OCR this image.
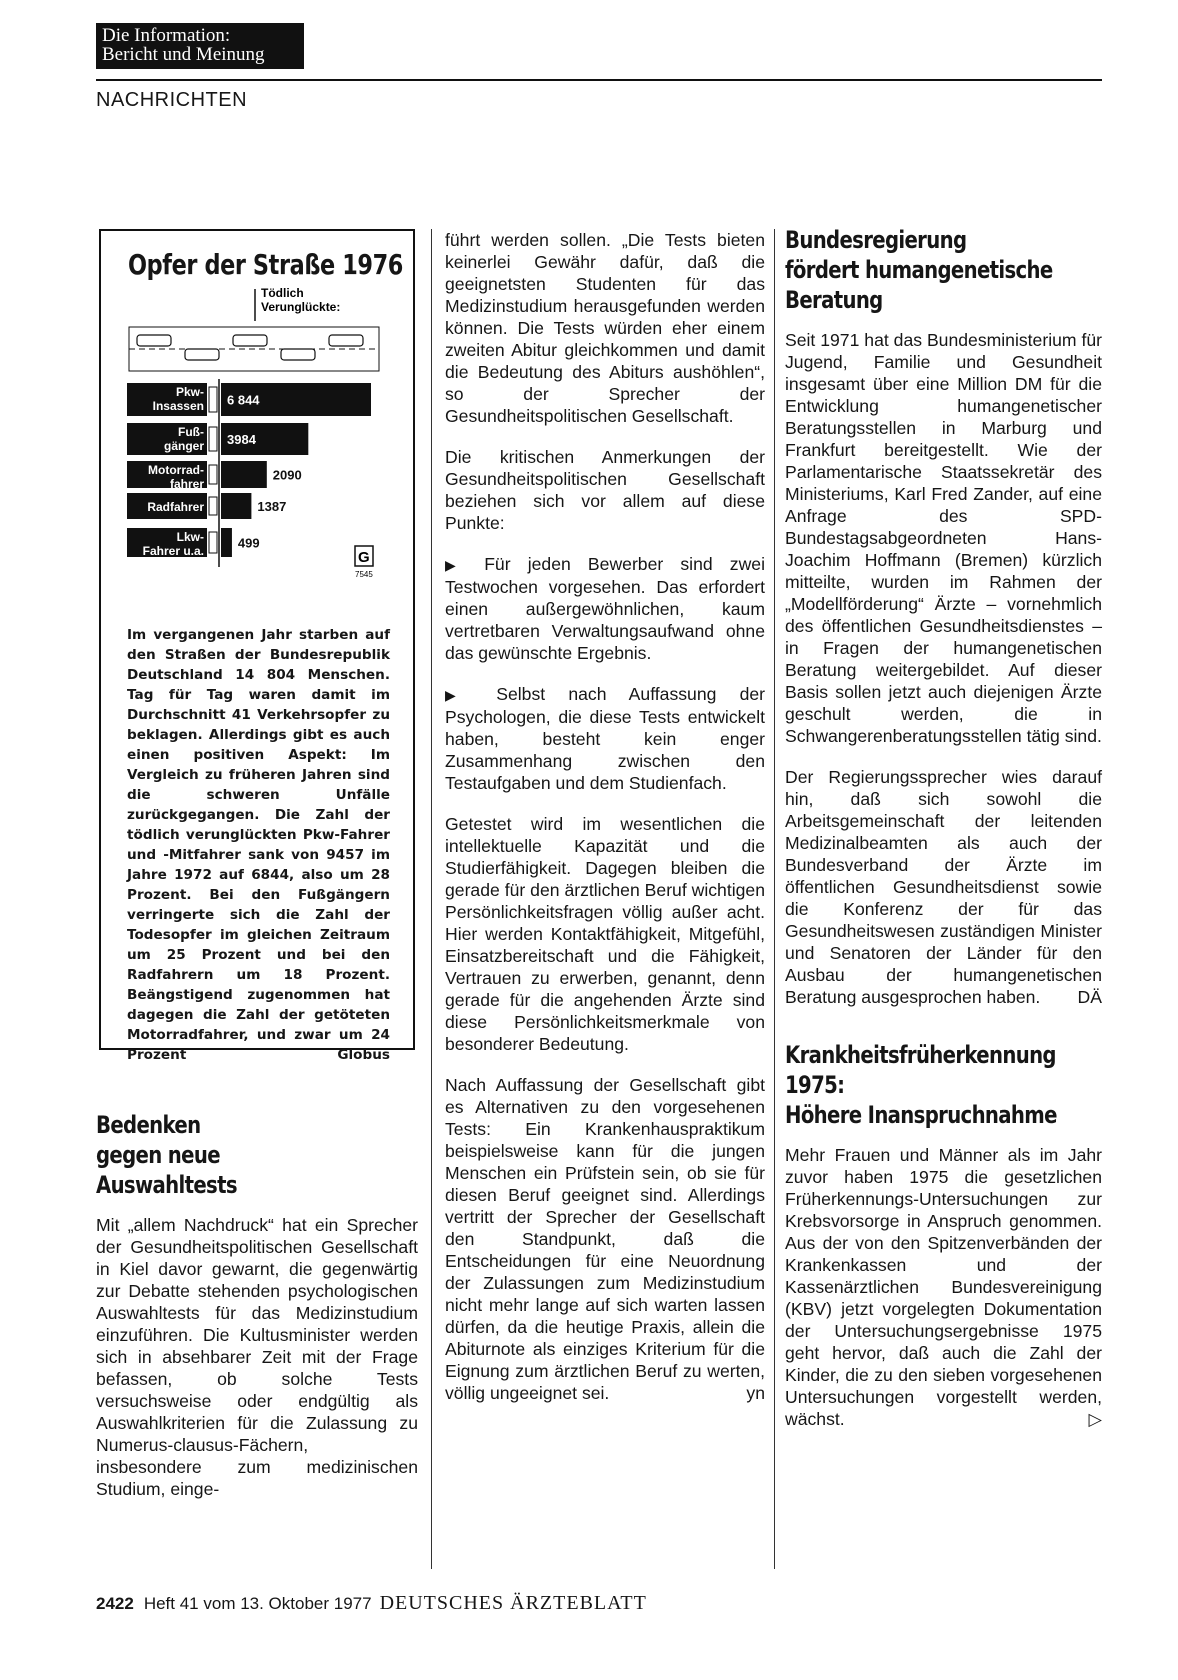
Die Information:
Bericht und Meinung
NACHRICHTEN
Opfer der Straße 1976
Tödlich
Verunglückte:
Pkw-
Insassen 6 844
Fuß-
gänger 3984
Motorrad-
fahrer
2090
Radfahrer	1387
Lkw-
Fahrer u.a.
499
G
7545
Im vergangenen Jahr starben auf den Straßen der Bundesrepublik Deutschland 14 804 Menschen. Tag für Tag waren damit im Durchschnitt 41 Verkehrsopfer zu beklagen. Allerdings gibt es auch einen positiven Aspekt: Im Vergleich zu früheren Jahren sind die schweren Unfälle zurückgegangen. Die Zahl der tödlich verunglückten Pkw-Fahrer und -Mitfahrer sank von 9457 im Jahre 1972 auf 6844, also um 28 Prozent. Bei den Fußgängern verringerte sich die Zahl der Todesopfer im gleichen Zeitraum um 25 Prozent und bei den Radfahrern um 18 Prozent. Beängstigend zugenommen hat dagegen die Zahl der getöteten Motorradfahrer, und zwar um 24 Prozent	Globus
Bedenken
gegen neue
Auswahltests

Mit „allem Nachdruck“ hat ein Sprecher der Gesundheitspolitischen Gesellschaft in Kiel davor gewarnt, die gegenwärtig zur Debatte stehenden psychologischen Auswahltests für das Medizinstudium einzuführen. Die Kultusminister werden sich in absehbarer Zeit mit der Frage befassen, ob solche Tests versuchsweise oder endgültig als Auswahlkriterien für die Zulassung zu Numerus-clausus-Fächern, insbesondere zum medizinischen Studium, einge-

führt werden sollen. „Die Tests bieten keinerlei Gewähr dafür, daß die geeignetsten Studenten für das Medizinstudium herausgefunden werden können. Die Tests würden eher einem zweiten Abitur gleichkommen und damit die Bedeutung des Abiturs aushöhlen“, so der Sprecher der Gesundheitspolitischen Gesellschaft.

Die kritischen Anmerkungen der Gesundheitspolitischen Gesellschaft beziehen sich vor allem auf diese Punkte:

▶ Für jeden Bewerber sind zwei Testwochen vorgesehen. Das erfordert einen außergewöhnlichen, kaum vertretbaren Verwaltungsaufwand ohne das gewünschte Ergebnis.

▶ Selbst nach Auffassung der Psychologen, die diese Tests entwickelt haben, besteht kein enger Zusammenhang zwischen den Testaufgaben und dem Studienfach.

Getestet wird im wesentlichen die intellektuelle Kapazität und die Studierfähigkeit. Dagegen bleiben die gerade für den ärztlichen Beruf wichtigen Persönlichkeitsfragen völlig außer acht. Hier werden Kontaktfähigkeit, Mitgefühl, Einsatzbereitschaft und die Fähigkeit, Vertrauen zu erwerben, genannt, denn gerade für die angehenden Ärzte sind diese Persönlichkeitsmerkmale von besonderer Bedeutung.

Nach Auffassung der Gesellschaft gibt es Alternativen zu den vorgesehenen Tests: Ein Krankenhauspraktikum beispielsweise kann für die jungen Menschen ein Prüfstein sein, ob sie für diesen Beruf geeignet sind. Allerdings vertritt der Sprecher der Gesellschaft den Standpunkt, daß die Entscheidungen für eine Neuordnung der Zulassungen zum Medizinstudium nicht mehr lange auf sich warten lassen dürfen, da die heutige Praxis, allein die Abiturnote als einziges Kriterium für die Eignung zum ärztlichen Beruf zu werten, völlig ungeeignet sei.	yn

Bundesregierung
fördert humangenetische
Beratung

Seit 1971 hat das Bundesministerium für Jugend, Familie und Gesundheit insgesamt über eine Million DM für die Entwicklung humangenetischer Beratungsstellen in Marburg und Frankfurt bereitgestellt. Wie der Parlamentarische Staatssekretär des Ministeriums, Karl Fred Zander, auf eine Anfrage des SPD-Bundestagsabgeordneten Hans-Joachim Hoffmann (Bremen) kürzlich mitteilte, wurden im Rahmen der „Modellförderung“ Ärzte – vornehmlich des öffentlichen Gesundheitsdienstes – in Fragen der humangenetischen Beratung weitergebildet. Auf dieser Basis sollen jetzt auch diejenigen Ärzte geschult werden, die in Schwangerenberatungsstellen tätig sind.

Der Regierungssprecher wies darauf hin, daß sich sowohl die Arbeitsgemeinschaft der leitenden Medizinalbeamten als auch der Bundesverband der Ärzte im öffentlichen Gesundheitsdienst sowie die Konferenz der für das Gesundheitswesen zuständigen Minister und Senatoren der Länder für den Ausbau der humangenetischen Beratung ausgesprochen haben. DÄ

Krankheitsfrüherkennung
1975:
Höhere Inanspruchnahme

Mehr Frauen und Männer als im Jahr zuvor haben 1975 die gesetzlichen Früherkennungs-Untersuchungen zur Krebsvorsorge in Anspruch genommen. Aus der von den Spitzenverbänden der Krankenkassen und der Kassenärztlichen Bundesvereinigung (KBV) jetzt vorgelegten Dokumentation der Untersuchungsergebnisse 1975 geht hervor, daß auch die Zahl der Kinder, die zu den sieben vorgesehenen Untersuchungen vorgestellt werden, wächst.	▷

2422 Heft 41 vom 13. Oktober 1977 DEUTSCHES ÄRZTEBLATT
